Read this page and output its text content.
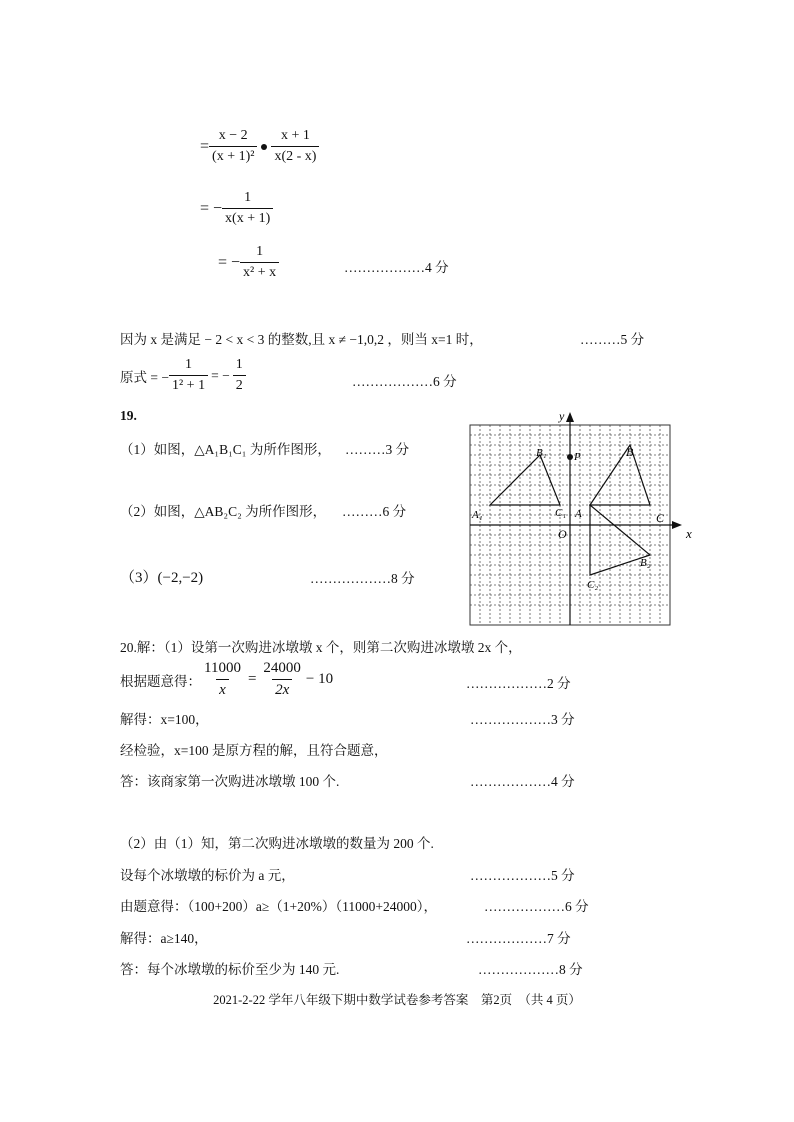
= $\frac{x - 2}{\text{(x + 1)²}} \frac{x + 1}{x(2 - x)}$
= − $\frac{1}{x(x + 1)}$
= − $\frac{1}{\text{x² + x}}$	………………4 分
因为 x 是满足 − 2 < x < 3 的整数,且 x ≠ −1,0,2 ，则当 x=1 时，	………5 分
原式 = − $\frac{1}{\text{1² + 1}}$ = − $\frac{1}{2}$	………………6 分
19.
（1）如图，△A₁B₁C₁ 为所作图形， ………3 分
（2）如图，△AB₂C₂ 为所作图形， ………6 分
（3）(−2,−2)	………………8 分
x
y
O
P
A
B
C
A₁
B₁
C₁
B₂
C₂
20.解：（1）设第一次购进冰墩墩 x 个，则第二次购进冰墩墩 2x 个，
根据题意得： $\frac{11000}{x} = \frac{24000}{2x} - 10$	………………2 分
解得：x=100，	………………3 分
经检验，x=100 是原方程的解，且符合题意，
答：该商家第一次购进冰墩墩 100 个.	………………4 分
（2）由（1）知，第二次购进冰墩墩的数量为 200 个.
设每个冰墩墩的标价为 a 元，	………………5 分
由题意得：（100+200）a≥（1+20%）（11000+24000），	………………6 分
解得：a≥140，	………………7 分
答：每个冰墩墩的标价至少为 140 元.	………………8 分
2021-2-22 学年八年级下期中数学试卷参考答案　第2页　（共 4 页）
